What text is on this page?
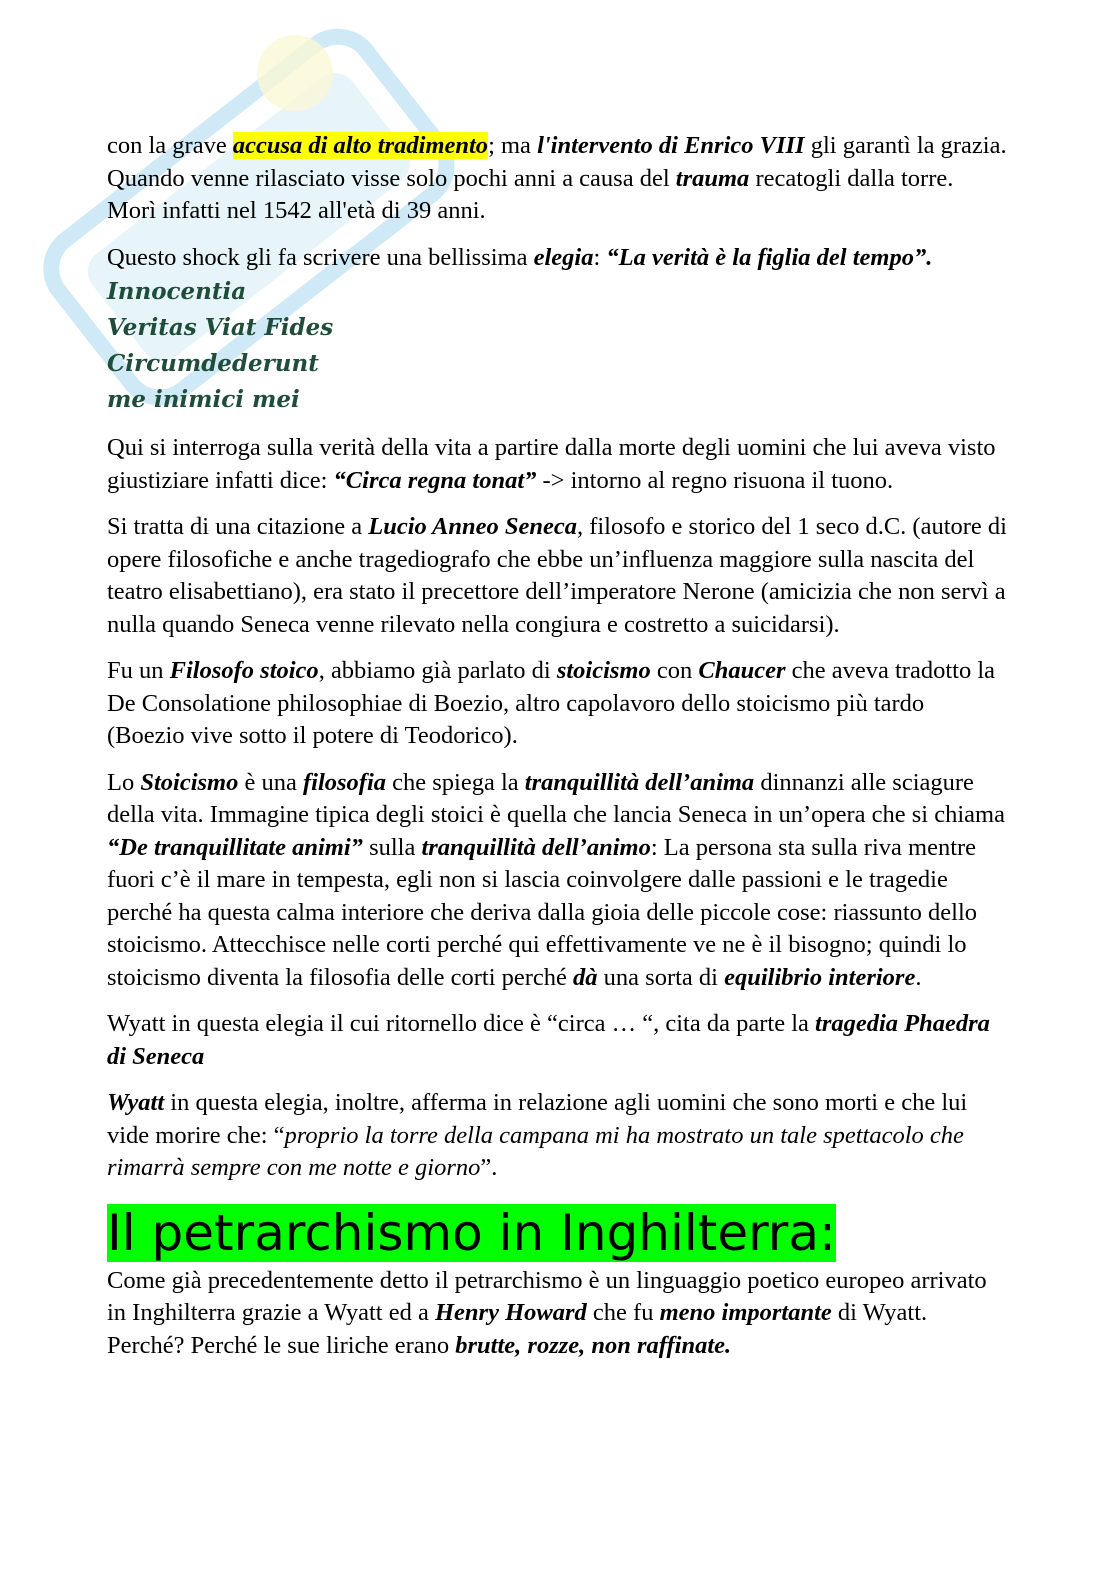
con la grave accusa di alto tradimento; ma l'intervento di Enrico VIII gli garantì la grazia. Quando venne rilasciato visse solo pochi anni a causa del trauma recatogli dalla torre. Morì infatti nel 1542 all'età di 39 anni.

Questo shock gli fa scrivere una bellissima elegia: “La verità è la figlia del tempo”.

Innocentia
Veritas Viat Fides
Circumdederunt
me inimici mei

Qui si interroga sulla verità della vita a partire dalla morte degli uomini che lui aveva visto giustiziare infatti dice: “Circa regna tonat” -> intorno al regno risuona il tuono.

Si tratta di una citazione a Lucio Anneo Seneca, filosofo e storico del 1 seco d.C. (autore di opere filosofiche e anche tragediografo che ebbe un’influenza maggiore sulla nascita del teatro elisabettiano), era stato il precettore dell’imperatore Nerone (amicizia che non servì a nulla quando Seneca venne rilevato nella congiura e costretto a suicidarsi).

Fu un Filosofo stoico, abbiamo già parlato di stoicismo con Chaucer che aveva tradotto la De Consolatione philosophiae di Boezio, altro capolavoro dello stoicismo più tardo (Boezio vive sotto il potere di Teodorico).

Lo Stoicismo è una filosofia che spiega la tranquillità dell’anima dinnanzi alle sciagure della vita. Immagine tipica degli stoici è quella che lancia Seneca in un’opera che si chiama “De tranquillitate animi” sulla tranquillità dell’animo: La persona sta sulla riva mentre fuori c’è il mare in tempesta, egli non si lascia coinvolgere dalle passioni e le tragedie perché ha questa calma interiore che deriva dalla gioia delle piccole cose: riassunto dello stoicismo. Attecchisce nelle corti perché qui effettivamente ve ne è il bisogno; quindi lo stoicismo diventa la filosofia delle corti perché dà una sorta di equilibrio interiore.

Wyatt in questa elegia il cui ritornello dice è “circa … “, cita da parte la tragedia Phaedra di Seneca

Wyatt in questa elegia, inoltre, afferma in relazione agli uomini che sono morti e che lui vide morire che: “proprio la torre della campana mi ha mostrato un tale spettacolo che rimarrà sempre con me notte e giorno”.

Il petrarchismo in Inghilterra:

Come già precedentemente detto il petrarchismo è un linguaggio poetico europeo arrivato in Inghilterra grazie a Wyatt ed a Henry Howard che fu meno importante di Wyatt. Perché? Perché le sue liriche erano brutte, rozze, non raffinate.
